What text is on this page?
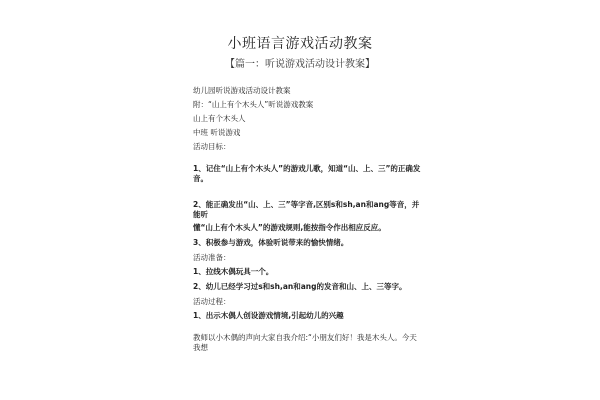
小班语言游戏活动教案
【篇一：听说游戏活动设计教案】
幼儿园听说游戏活动设计教案
附：“山上有个木头人”听说游戏教案
山上有个木头人
中班 听说游戏
活动目标：
1、记住“山上有个木头人”的游戏儿歌，知道“山、上、三”的正确发音。
2、能正确发出“山、上、三”等字音,区别s和sh,an和ang等音，并能听
懂“山上有个木头人”的游戏规则,能按指令作出相应反应。
3、积极参与游戏，体验听说带来的愉快情绪。
活动准备：
1、拉线木偶玩具一个。
2、幼儿已经学习过s和sh,an和ang的发音和山、上、三等字。
活动过程：
1、出示木偶人创设游戏情境,引起幼儿的兴趣
教师以小木偶的声向大家自我介绍:“小朋友们好！我是木头人。今天我想
